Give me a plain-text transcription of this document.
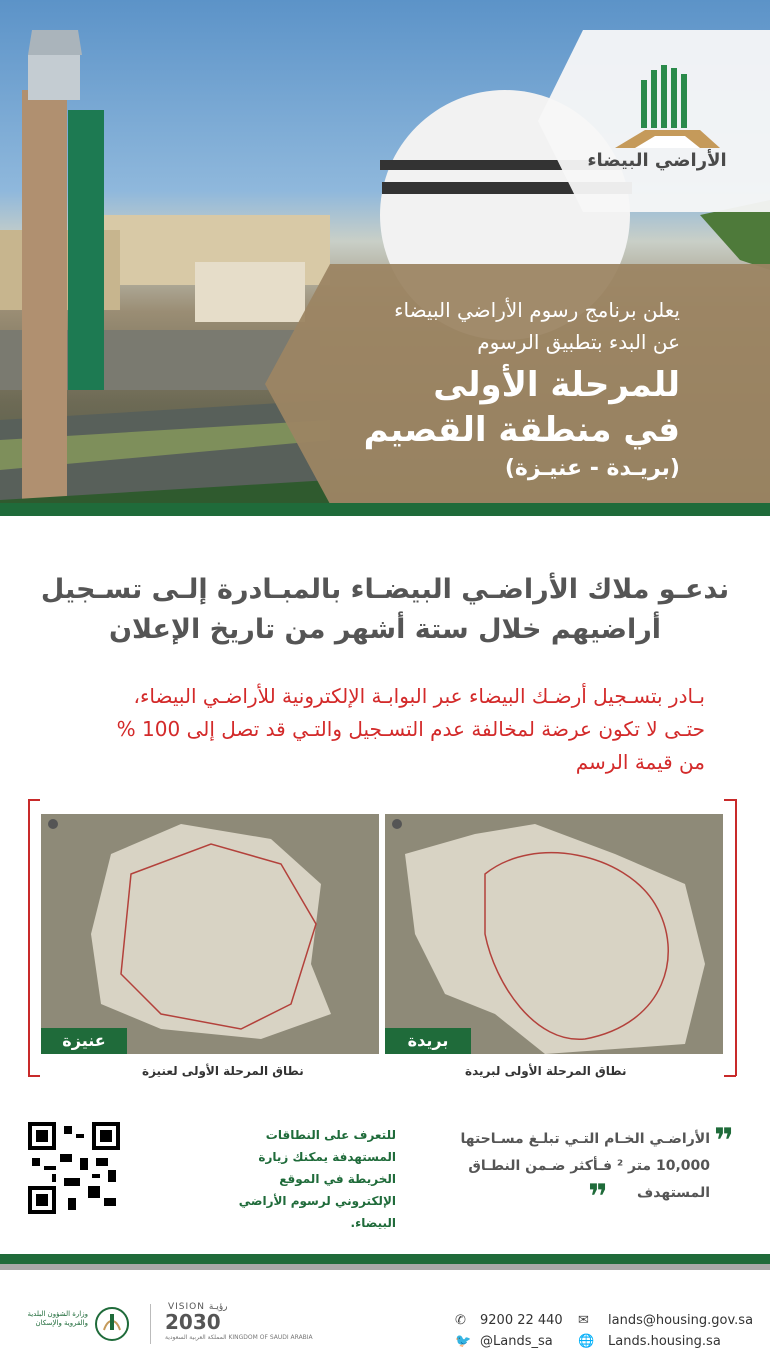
الأراضي البيضاء
يعلن برنامج رسوم الأراضي البيضاء
عن البدء بتطبيق الرسوم
للمرحلة الأولى
في منطقة القصيم
(بريـدة - عنيـزة)
ندعـو ملاك الأراضـي البيضـاء بالمبـادرة إلـى تسـجيل
أراضيهم خلال ستة أشهر من تاريخ الإعلان
بـادر بتسـجيل أرضـك البيضاء عبر البوابـة الإلكترونية للأراضـي البيضاء،
حتـى لا تكون عرضة لمخالفة عدم التسـجيل والتـي قد تصل إلى 100 %
من قيمة الرسم
بريدة
عنيزة
نطاق المرحلة الأولى لبريدة
نطاق المرحلة الأولى لعنيزة
للتعرف على النطاقات المستهدفة يمكنك زيارة الخريطة في الموقع الإلكتروني لرسوم الأراضي البيضاء.
❞
الأراضـي الخـام التـي تبلـغ مسـاحتها
10,000 متر ² فـأكثر ضـمن النطـاق
المستهدف
❞
✉ lands@housing.gov.sa
🌐 Lands.housing.sa
✆ 9200 22 440
🐦 @Lands_sa
VISION رؤيـة
2030
المملكة العربية السعودية KINGDOM OF SAUDI ARABIA
وزارة الشؤون البلدية والقروية والإسكان
